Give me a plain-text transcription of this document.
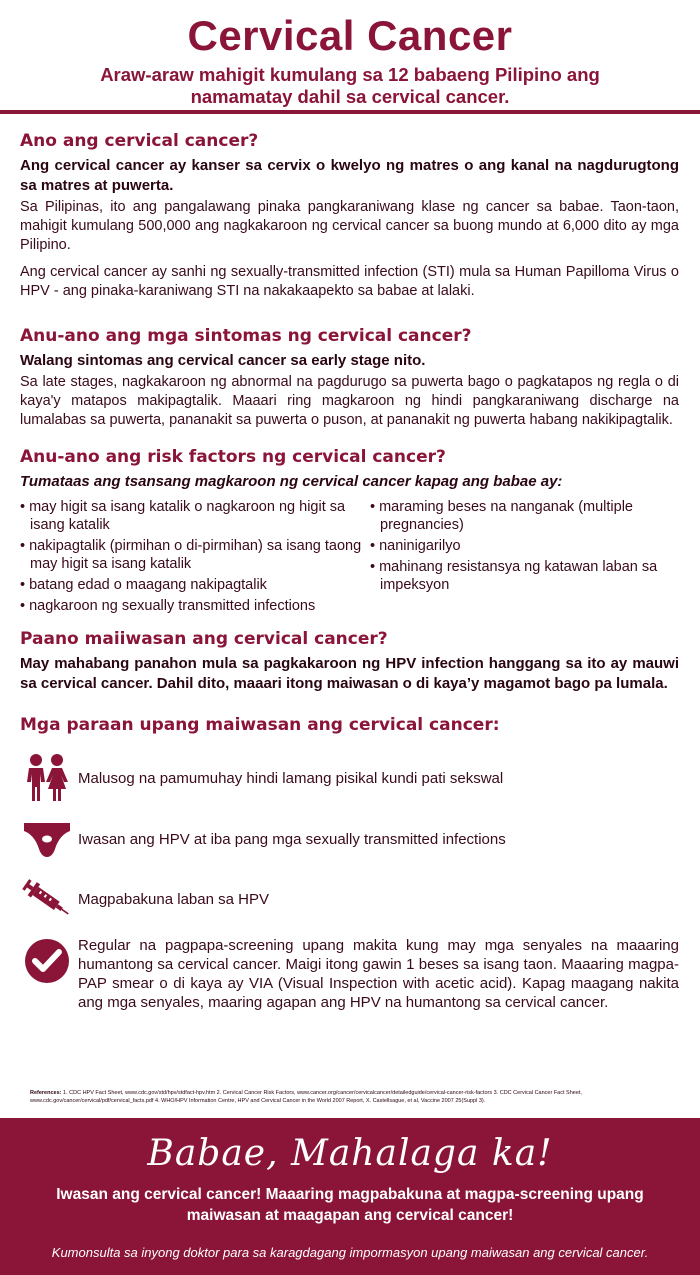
Cervical Cancer
Araw-araw mahigit kumulang sa 12 babaeng Pilipino ang namamatay dahil sa cervical cancer.
Ano ang cervical cancer?

Ang cervical cancer ay kanser sa cervix o kwelyo ng matres o ang kanal na nagdurugtong sa matres at puwerta.

Sa Pilipinas, ito ang pangalawang pinaka pangkaraniwang klase ng cancer sa babae. Taon-taon, mahigit kumulang 500,000 ang nagkakaroon ng cervical cancer sa buong mundo at 6,000 dito ay mga Pilipino.

Ang cervical cancer ay sanhi ng sexually-transmitted infection (STI) mula sa Human Papilloma Virus o HPV - ang pinaka-karaniwang STI na nakakaapekto sa babae at lalaki.

Anu-ano ang mga sintomas ng cervical cancer?

Walang sintomas ang cervical cancer sa early stage nito.

Sa late stages, nagkakaroon ng abnormal na pagdurugo sa puwerta bago o pagkatapos ng regla o di kaya'y matapos makipagtalik. Maaari ring magkaroon ng hindi pangkaraniwang discharge na lumalabas sa puwerta, pananakit sa puwerta o puson, at pananakit ng puwerta habang nakikipagtalik.

Anu-ano ang risk factors ng cervical cancer?

Tumataas ang tsansang magkaroon ng cervical cancer kapag ang babae ay:

• may higit sa isang katalik o nagkaroon ng higit sa isang katalik
• nakipagtalik (pirmihan o di-pirmihan) sa isang taong may higit sa isang katalik
• batang edad o maagang nakipagtalik
• nagkaroon ng sexually transmitted infections
• maraming beses na nanganak (multiple pregnancies)
• naninigarilyo
• mahinang resistansya ng katawan laban sa impeksyon
Paano maiiwasan ang cervical cancer?

May mahabang panahon mula sa pagkakaroon ng HPV infection hanggang sa ito ay mauwi sa cervical cancer. Dahil dito, maaari itong maiwasan o di kaya’y magamot bago pa lumala.

Mga paraan upang maiwasan ang cervical cancer:
Malusog na pamumuhay hindi lamang pisikal kundi pati sekswal
Iwasan ang HPV at iba pang mga sexually transmitted infections
Magpabakuna laban sa HPV
Regular na pagpapa-screening upang makita kung may mga senyales na maaaring humantong sa cervical cancer. Maigi itong gawin 1 beses sa isang taon. Maaaring magpa-PAP smear o di kaya ay VIA (Visual Inspection with acetic acid). Kapag maagang nakita ang mga senyales, maaring agapan ang HPV na humantong sa cervical cancer.
References: 1. CDC HPV Fact Sheet, www.cdc.gov/std/hpv/stdfact-hpv.htm 2. Cervical Cancer Risk Factors, www.cancer.org/cancer/cervicalcancer/detailedguide/cervical-cancer-risk-factors 3. CDC Cervical Cancer Fact Sheet, www.cdc.gov/cancer/cervical/pdf/cervical_facts.pdf 4. WHO/HPV Information Centre, HPV and Cervical Cancer in the World 2007 Report, X. Castellsague, et al, Vaccine 2007 25(Suppl 3).
Babae, Mahalaga ka!
Iwasan ang cervical cancer! Maaaring magpabakuna at magpa-screening upang maiwasan at maagapan ang cervical cancer!
Kumonsulta sa inyong doktor para sa karagdagang impormasyon upang maiwasan ang cervical cancer.
